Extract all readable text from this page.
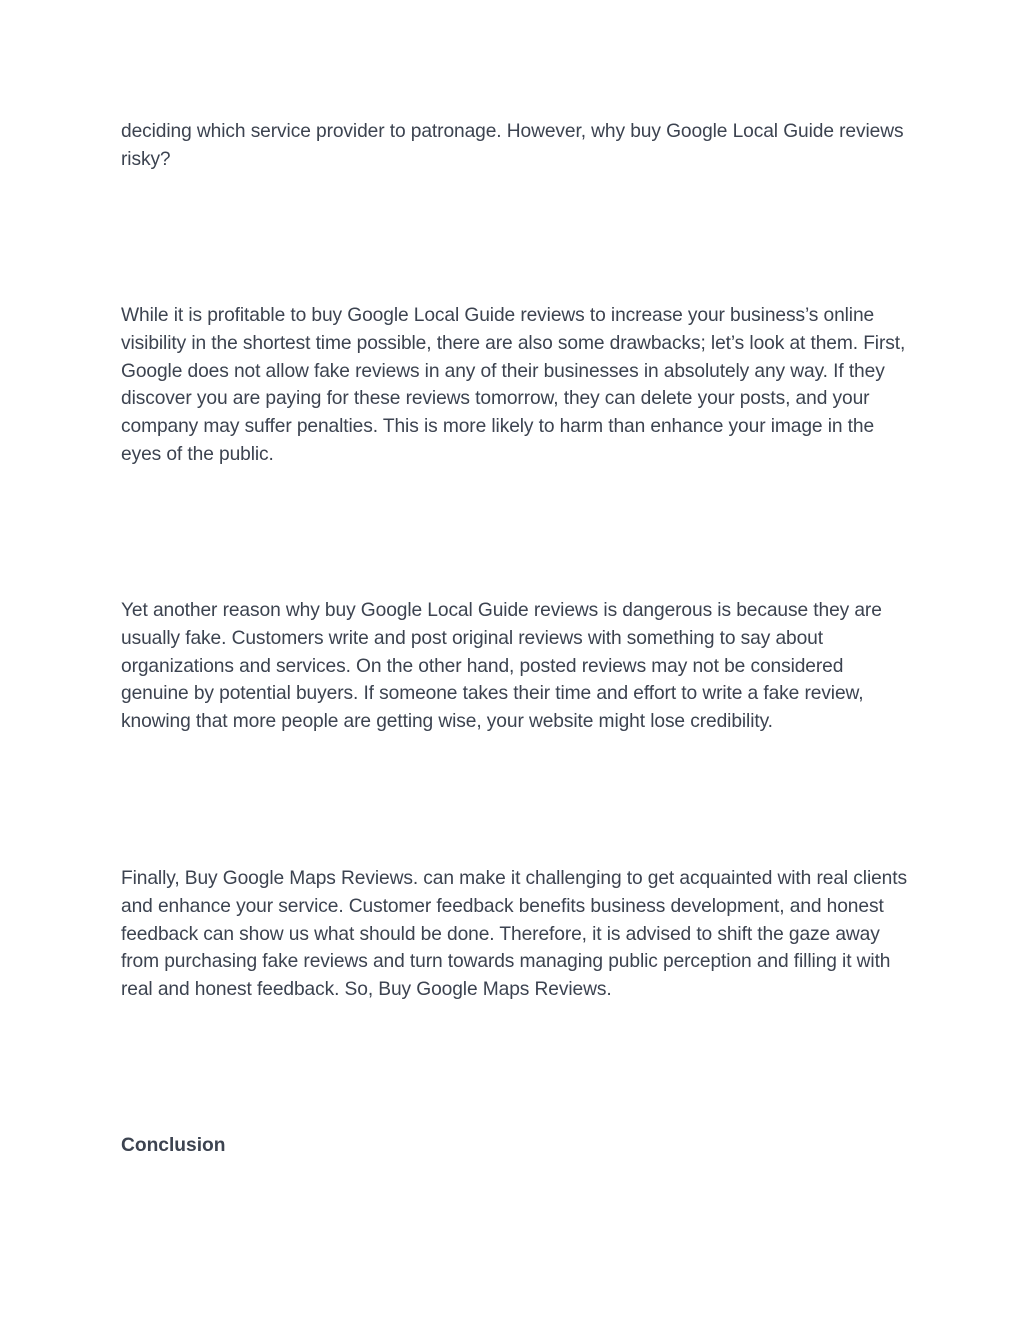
deciding which service provider to patronage. However, why buy Google Local Guide reviews risky?

While it is profitable to buy Google Local Guide reviews to increase your business’s online visibility in the shortest time possible, there are also some drawbacks; let’s look at them. First, Google does not allow fake reviews in any of their businesses in absolutely any way. If they discover you are paying for these reviews tomorrow, they can delete your posts, and your company may suffer penalties. This is more likely to harm than enhance your image in the eyes of the public.

Yet another reason why buy Google Local Guide reviews is dangerous is because they are usually fake. Customers write and post original reviews with something to say about organizations and services. On the other hand, posted reviews may not be considered genuine by potential buyers. If someone takes their time and effort to write a fake review, knowing that more people are getting wise, your website might lose credibility.

Finally, Buy Google Maps Reviews. can make it challenging to get acquainted with real clients and enhance your service. Customer feedback benefits business development, and honest feedback can show us what should be done. Therefore, it is advised to shift the gaze away from purchasing fake reviews and turn towards managing public perception and filling it with real and honest feedback. So, Buy Google Maps Reviews.

Conclusion
